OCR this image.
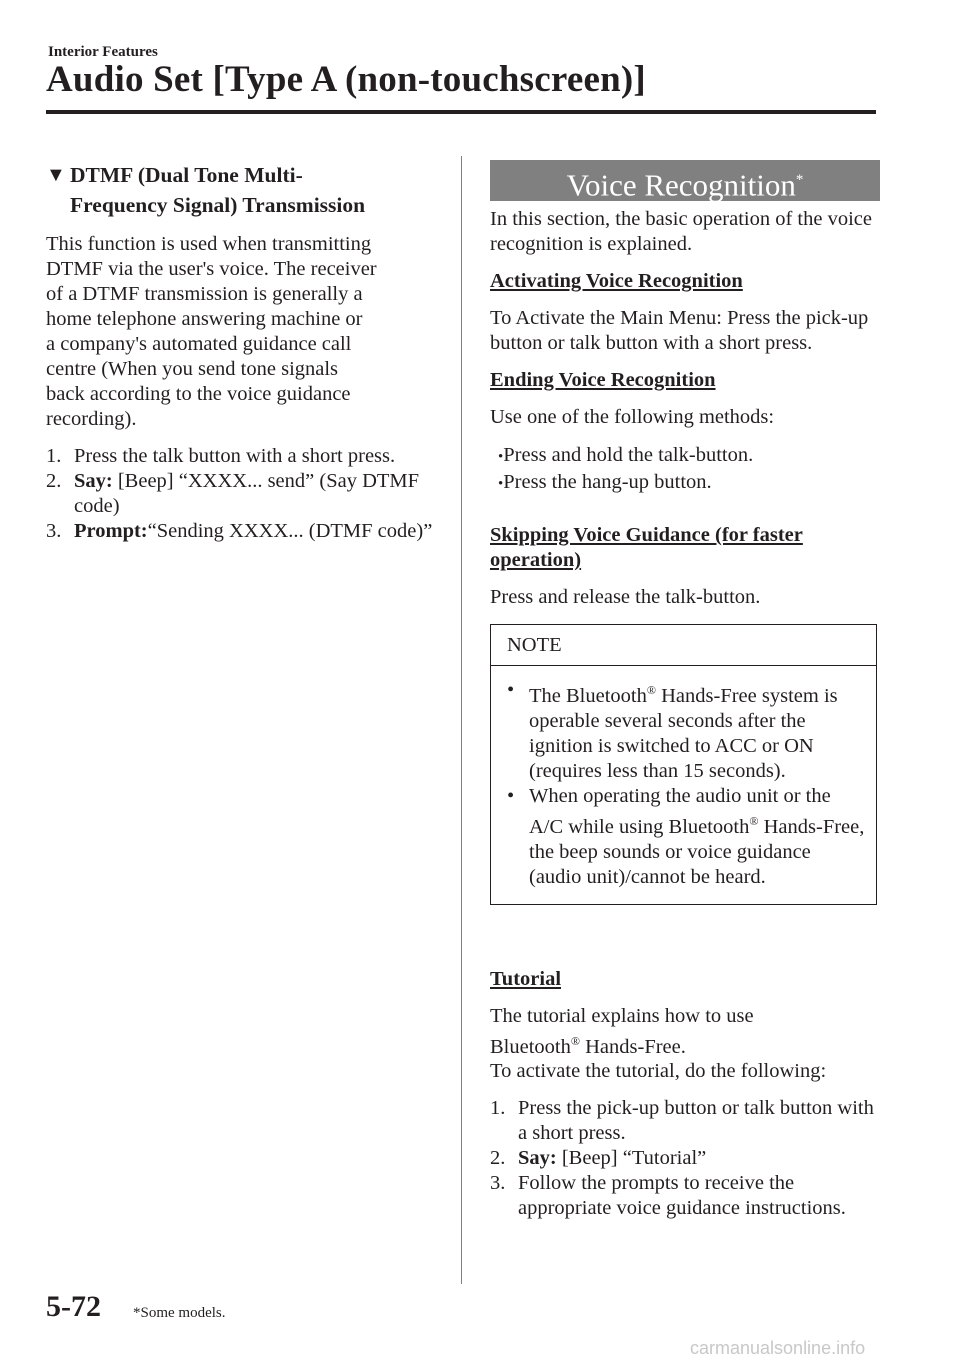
Interior Features
Audio Set [Type A (non-touchscreen)]
▼ DTMF (Dual Tone Multi-
Frequency Signal) Transmission

This function is used when transmitting
DTMF via the user's voice. The receiver
of a DTMF transmission is generally a
home telephone answering machine or
a company's automated guidance call
centre (When you send tone signals
back according to the voice guidance
recording).

1. Press the talk button with a short press.
2. Say: [Beep] “XXXX... send” (Say DTMF code)
3. Prompt:“Sending XXXX... (DTMF code)”
Voice Recognition*

In this section, the basic operation of the voice recognition is explained.

Activating Voice Recognition

To Activate the Main Menu: Press the pick-up button or talk button with a short press.

Ending Voice Recognition

Use one of the following methods:

• Press and hold the talk-button.
• Press the hang-up button.

Skipping Voice Guidance (for faster
operation)

Press and release the talk-button.

NOTE
• The Bluetooth® Hands-Free system is operable several seconds after the ignition is switched to ACC or ON (requires less than 15 seconds).
• When operating the audio unit or the A/C while using Bluetooth® Hands-Free, the beep sounds or voice guidance (audio unit)/cannot be heard.

Tutorial

The tutorial explains how to use
Bluetooth® Hands-Free.
To activate the tutorial, do the following:

1. Press the pick-up button or talk button with a short press.
2. Say: [Beep] “Tutorial”
3. Follow the prompts to receive the appropriate voice guidance instructions.
5-72 *Some models.
carmanualsonline.info
